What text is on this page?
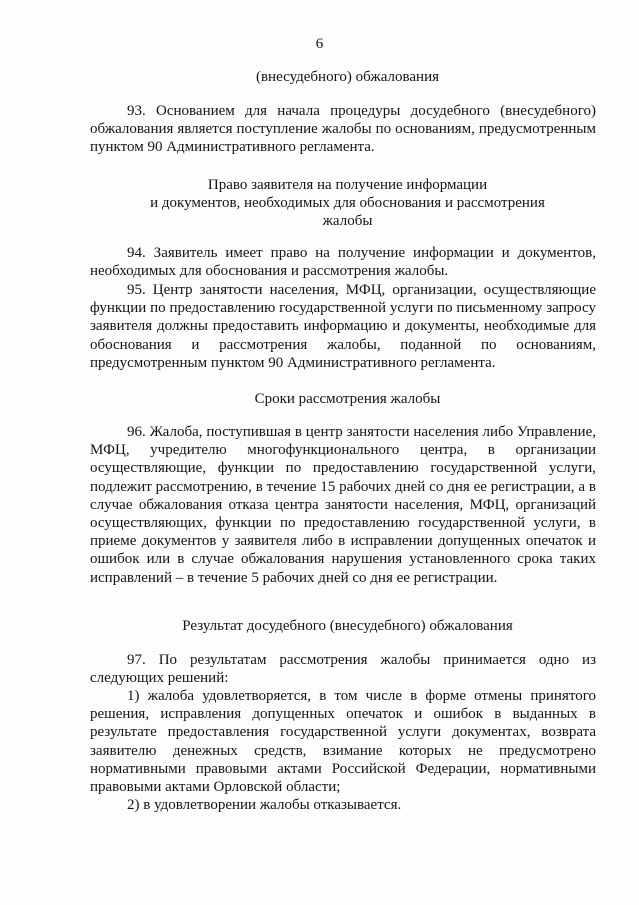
6
(внесудебного) обжалования
93. Основанием для начала процедуры досудебного (внесудебного) обжалования является поступление жалобы по основаниям, предусмотренным пунктом 90 Административного регламента.
Право заявителя на получение информации
и документов, необходимых для обоснования и рассмотрения
жалобы
94. Заявитель имеет право на получение информации и документов, необходимых для обоснования и рассмотрения жалобы.
95. Центр занятости населения, МФЦ, организации, осуществляющие функции по предоставлению государственной услуги по письменному запросу заявителя должны предоставить информацию и документы, необходимые для обоснования и рассмотрения жалобы, поданной по основаниям, предусмотренным пунктом 90 Административного регламента.
Сроки рассмотрения жалобы
96. Жалоба, поступившая в центр занятости населения либо Управление, МФЦ, учредителю многофункционального центра, в организации осуществляющие, функции по предоставлению государственной услуги, подлежит рассмотрению, в течение 15 рабочих дней со дня ее регистрации, а в случае обжалования отказа центра занятости населения, МФЦ, организаций осуществляющих, функции по предоставлению государственной услуги, в приеме документов у заявителя либо в исправлении допущенных опечаток и ошибок или в случае обжалования нарушения установленного срока таких исправлений – в течение 5 рабочих дней со дня ее регистрации.
Результат досудебного (внесудебного) обжалования
97. По результатам рассмотрения жалобы принимается одно из следующих решений:
1) жалоба удовлетворяется, в том числе в форме отмены принятого решения, исправления допущенных опечаток и ошибок в выданных в результате предоставления государственной услуги документах, возврата заявителю денежных средств, взимание которых не предусмотрено нормативными правовыми актами Российской Федерации, нормативными правовыми актами Орловской области;
2) в удовлетворении жалобы отказывается.
